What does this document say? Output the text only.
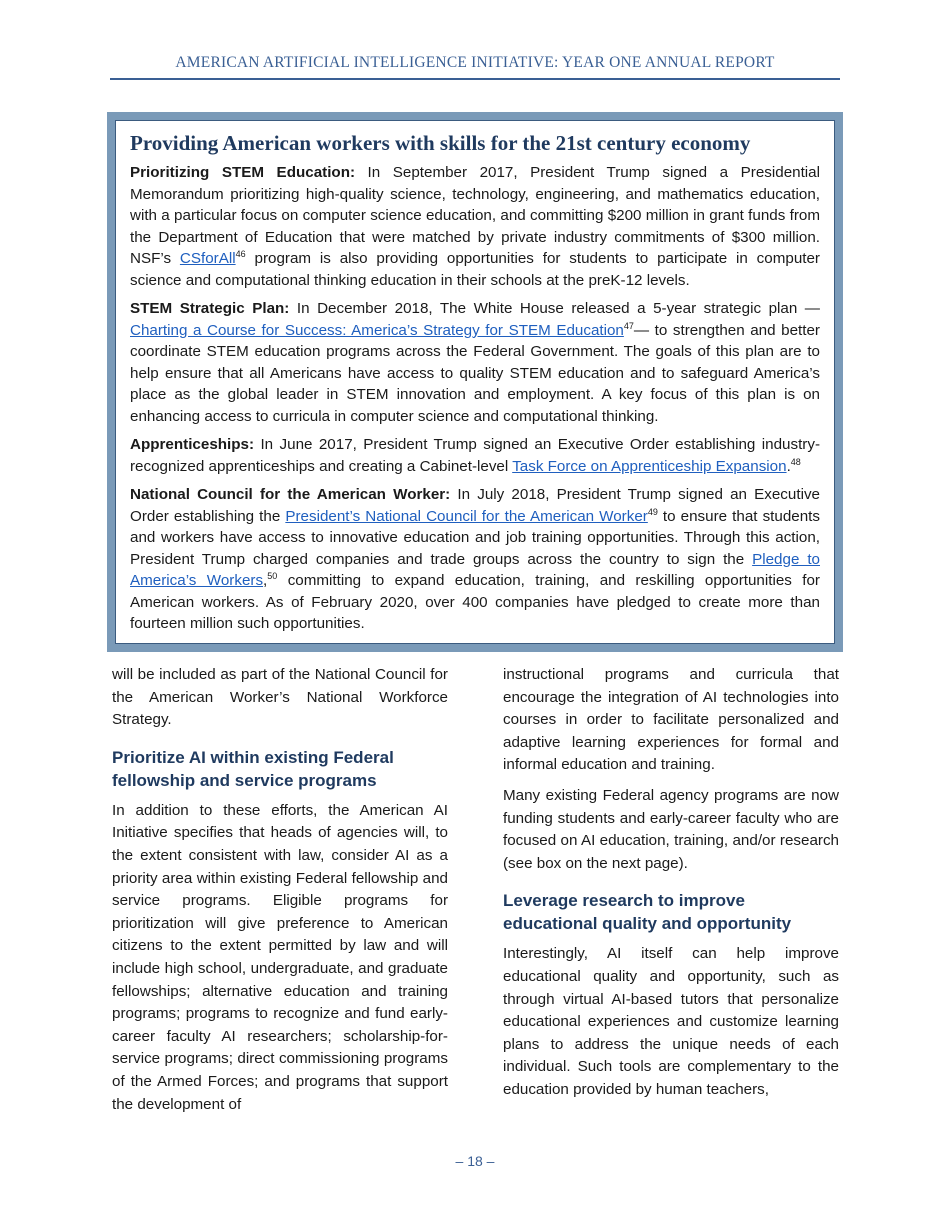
AMERICAN ARTIFICIAL INTELLIGENCE INITIATIVE: YEAR ONE ANNUAL REPORT
Providing American workers with skills for the 21st century economy

Prioritizing STEM Education: In September 2017, President Trump signed a Presidential Memorandum prioritizing high-quality science, technology, engineering, and mathematics education, with a particular focus on computer science education, and committing $200 million in grant funds from the Department of Education that were matched by private industry commitments of $300 million. NSF’s CSforAll$^{46}$ program is also providing opportunities for students to participate in computer science and computational thinking education in their schools at the preK-12 levels.

STEM Strategic Plan: In December 2018, The White House released a 5-year strategic plan — Charting a Course for Success: America’s Strategy for STEM Education$^{47}$— to strengthen and better coordinate STEM education programs across the Federal Government. The goals of this plan are to help ensure that all Americans have access to quality STEM education and to safeguard America’s place as the global leader in STEM innovation and employment. A key focus of this plan is on enhancing access to curricula in computer science and computational thinking.

Apprenticeships: In June 2017, President Trump signed an Executive Order establishing industry-recognized apprenticeships and creating a Cabinet-level Task Force on Apprenticeship Expansion.$^{48}$

National Council for the American Worker: In July 2018, President Trump signed an Executive Order establishing the President’s National Council for the American Worker$^{49}$ to ensure that students and workers have access to innovative education and job training opportunities. Through this action, President Trump charged companies and trade groups across the country to sign the Pledge to America’s Workers,$^{50}$ committing to expand education, training, and reskilling opportunities for American workers. As of February 2020, over 400 companies have pledged to create more than fourteen million such opportunities.

will be included as part of the National Council for the American Worker’s National Workforce Strategy.

Prioritize AI within existing Federal fellowship and service programs

In addition to these efforts, the American AI Initiative specifies that heads of agencies will, to the extent consistent with law, consider AI as a priority area within existing Federal fellowship and service programs. Eligible programs for prioritization will give preference to American citizens to the extent permitted by law and will include high school, undergraduate, and graduate fellowships; alternative education and training programs; programs to recognize and fund early-career faculty AI researchers; scholarship-for-service programs; direct commissioning programs of the Armed Forces; and programs that support the development of

instructional programs and curricula that encourage the integration of AI technologies into courses in order to facilitate personalized and adaptive learning experiences for formal and informal education and training.

Many existing Federal agency programs are now funding students and early-career faculty who are focused on AI education, training, and/or research (see box on the next page).

Leverage research to improve educational quality and opportunity

Interestingly, AI itself can help improve educational quality and opportunity, such as through virtual AI-based tutors that personalize educational experiences and customize learning plans to address the unique needs of each individual. Such tools are complementary to the education provided by human teachers,

– 18 –
